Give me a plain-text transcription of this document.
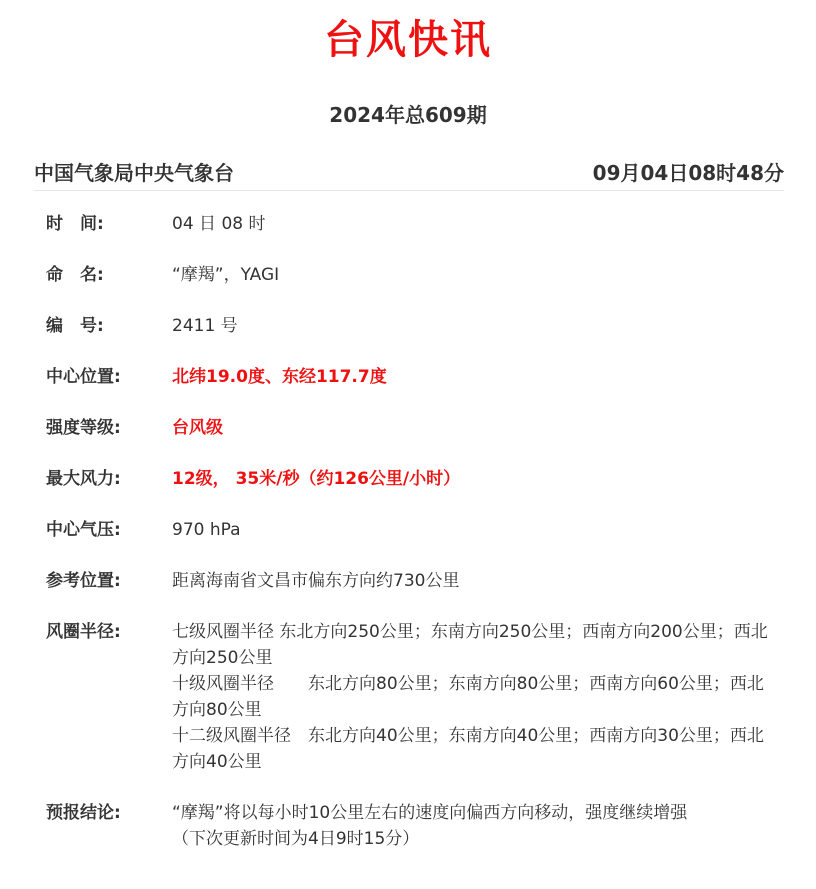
台风快讯
2024年总609期
中国气象局中央气象台	09月04日08时48分
时　间:	04 日 08 时
命　名:	“摩羯”，YAGI
编　号:	2411 号
中心位置:	北纬19.0度、东经117.7度
强度等级:	台风级
最大风力:	12级， 35米/秒（约126公里/小时）
中心气压:	970 hPa
参考位置:	距离海南省文昌市偏东方向约730公里
风圈半径:	七级风圈半径 东北方向250公里；东南方向250公里；西南方向200公里；西北方向250公里
十级风圈半径　　东北方向80公里；东南方向80公里；西南方向60公里；西北方向80公里
十二级风圈半径　东北方向40公里；东南方向40公里；西南方向30公里；西北方向40公里
预报结论:	“摩羯”将以每小时10公里左右的速度向偏西方向移动，强度继续增强
（下次更新时间为4日9时15分）
